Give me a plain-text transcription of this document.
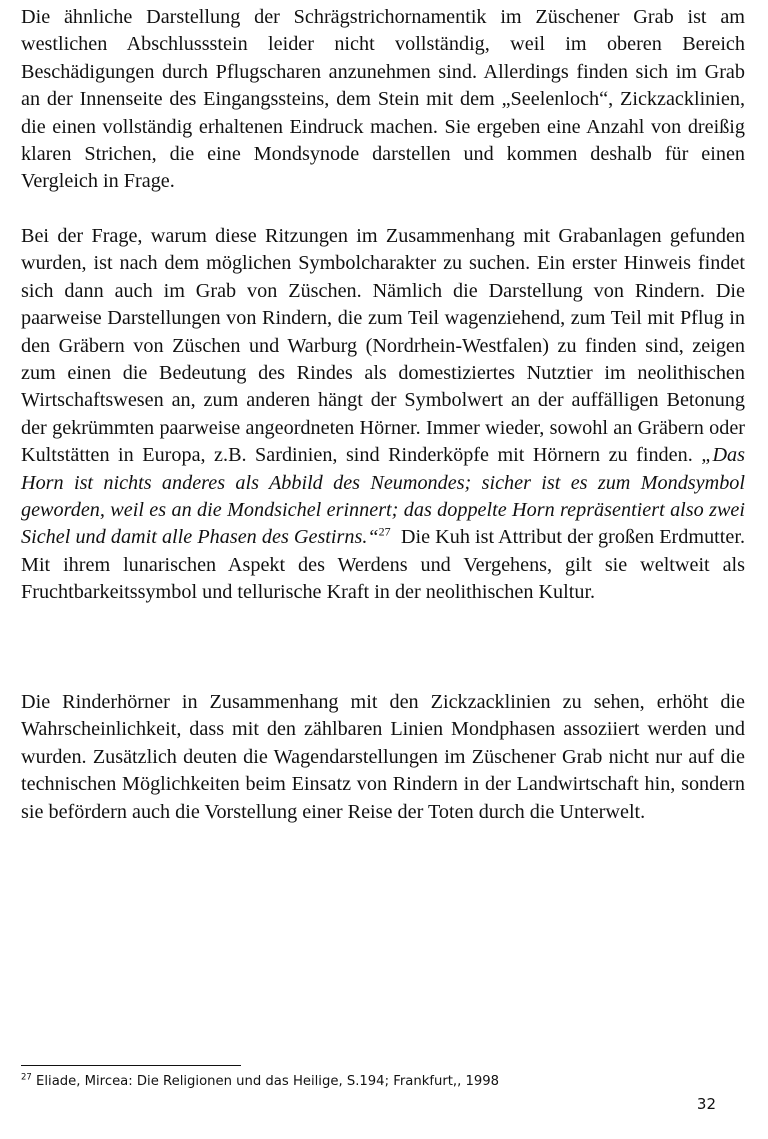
Die ähnliche Darstellung der Schrägstrichornamentik im Züschener Grab ist am westlichen Abschlussstein leider nicht vollständig, weil im oberen Bereich Beschädigungen durch Pflugscharen anzunehmen sind. Allerdings finden sich im Grab an der Innenseite des Eingangssteins, dem Stein mit dem „Seelenloch“, Zickzacklinien, die einen vollständig erhaltenen Eindruck machen. Sie ergeben eine Anzahl von dreißig klaren Strichen, die eine Mondsynode darstellen und kommen deshalb für einen Vergleich in Frage.

Bei der Frage, warum diese Ritzungen im Zusammenhang mit Grabanlagen gefunden wurden, ist nach dem möglichen Symbolcharakter zu suchen. Ein erster Hinweis findet sich dann auch im Grab von Züschen. Nämlich die Darstellung von Rindern. Die paarweise Darstellungen von Rindern, die zum Teil wagenziehend, zum Teil mit Pflug in den Gräbern von Züschen und Warburg (Nordrhein-Westfalen) zu finden sind, zeigen zum einen die Bedeutung des Rindes als domestiziertes Nutztier im neolithischen Wirtschaftswesen an, zum anderen hängt der Symbolwert an der auffälligen Betonung der gekrümmten paarweise angeordneten Hörner. Immer wieder, sowohl an Gräbern oder Kultstätten in Europa, z.B. Sardinien, sind Rinderköpfe mit Hörnern zu finden. „Das Horn ist nichts anderes als Abbild des Neumondes; sicher ist es zum Mondsymbol geworden, weil es an die Mondsichel erinnert; das doppelte Horn repräsentiert also zwei Sichel und damit alle Phasen des Gestirns.“$^{27}$ Die Kuh ist Attribut der großen Erdmutter. Mit ihrem lunarischen Aspekt des Werdens und Vergehens, gilt sie weltweit als Fruchtbarkeitssymbol und tellurische Kraft in der neolithischen Kultur.

Die Rinderhörner in Zusammenhang mit den Zickzacklinien zu sehen, erhöht die Wahrscheinlichkeit, dass mit den zählbaren Linien Mondphasen assoziiert werden und wurden. Zusätzlich deuten die Wagendarstellungen im Züschener Grab nicht nur auf die technischen Möglichkeiten beim Einsatz von Rindern in der Landwirtschaft hin, sondern sie befördern auch die Vorstellung einer Reise der Toten durch die Unterwelt.

$^{27}$ Eliade, Mircea: Die Religionen und das Heilige, S.194; Frankfurt,, 1998
32
